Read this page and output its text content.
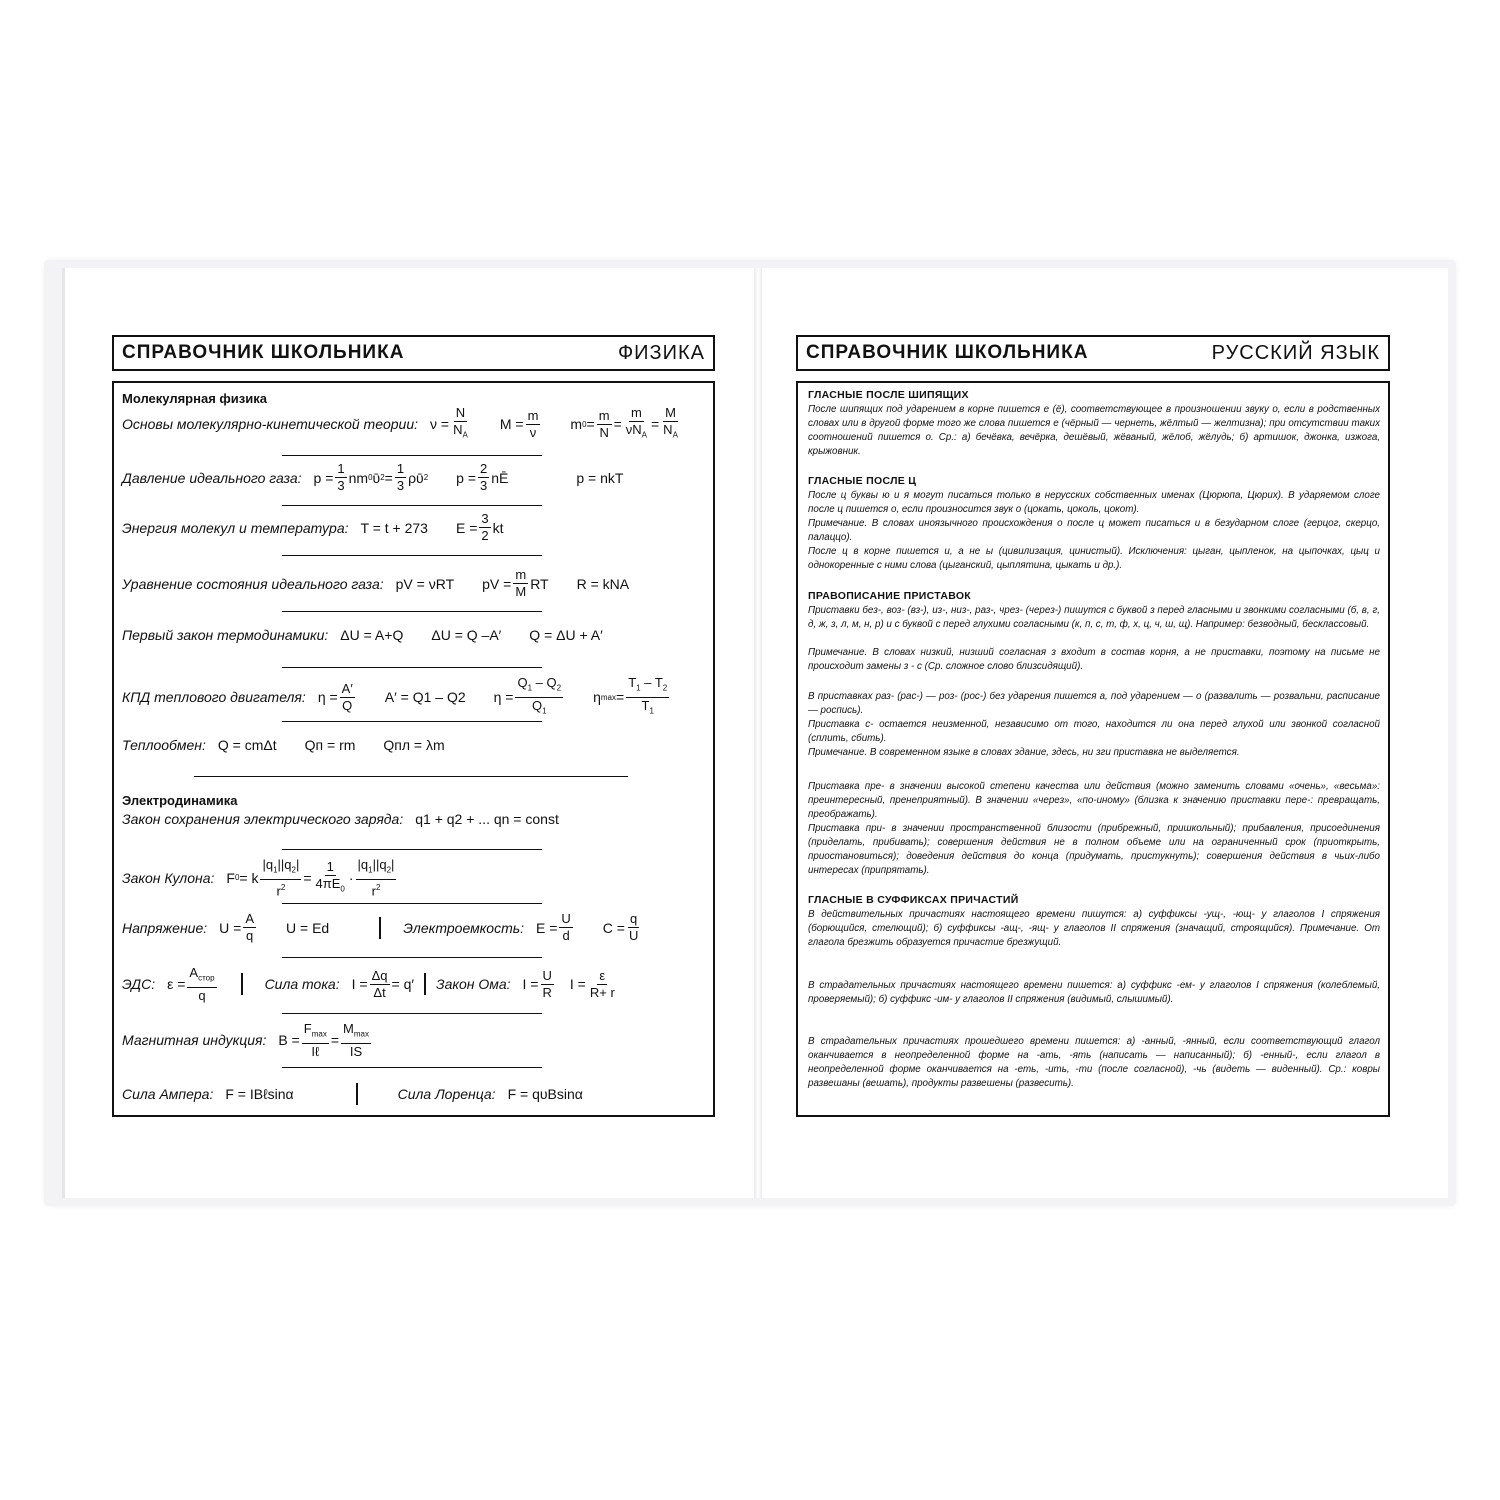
СПРАВОЧНИК ШКОЛЬНИКА	ФИЗИКА
Молекулярная физика
Основы молекулярно-кинетической теории: $\nu = \frac{N}{N_A}$ $M = \frac{m}{\nu}$ m $0 = \frac{m}{N} = \frac{m}{\nu N_A} = \frac{M}{N_A}$
Давление идеального газа: $p = \frac{1}{3}$ nm 0 ῡ $2 = \frac{1}{3}$ ρῡ 2 $p = \frac{2}{3}$ nĒ	p = nkT
Энергия молекул и температура: T = t + 273 $E = \frac{3}{2}$ kt
Уравнение состояния идеального газа: pV = νRT pV = $\frac{m}{M}$ RT R = kNA
Первый закон термодинамики: ΔU = A+Q ΔU = Q –A′ Q = ΔU + A′
КПД теплового двигателя: $\eta = \frac{A'}{Q} A' = Q1 - Q2$ $\eta = \frac{Q_1 - Q_2}{Q_1}$ η $\max = \frac{T_1 - T_2}{T_1}$
Теплообмен: Q = cmΔt Qп = rm Qпл = λm
Электродинамика
Закон сохранения электрического заряда: q1 + q2 + ... qn = const
Закон Кулона: F 0 = k $\frac{|q_1||q_2|}{r^2} = \frac{1}{4\pi E_0} \cdot \frac{|q_1||q_2|}{r^2}$
Напряжение: $U = \frac{A}{q}$ U = Ed	Электроемкость: $E = \frac{U}{d}$ $C = \frac{q}{U}$
ЭДС: $\varepsilon = \frac{A_{стор}}{q}$	Сила тока: $I = \frac{\Delta q}{\Delta t} = q'$ Закон Ома: $I = \frac{U}{R}$ $I = \frac{\varepsilon}{R+ r}$
Магнитная индукция: $B = \frac{F_{max}}{\text{Iℓ}} = \frac{M_{max}}{IS}$
Сила Ампера: F = IBℓsinα	Сила Лоренца: F = qυBsinα
СПРАВОЧНИК ШКОЛЬНИКА	РУССКИЙ ЯЗЫК
ГЛАСНЫЕ ПОСЛЕ ШИПЯЩИХ
После шипящих под ударением в корне пишется е (ё), соответствующее в произношении звуку о, если в родственных словах или в другой форме того же слова пишется е (чёрный — чернеть, жёлтый — желтизна); при отсутствии таких соотношений пишется о. Ср.: а) бечёвка, вечёрка, дешёвый, жёваный, жёлоб, жёлудь; б) артишок, джонка, изжога, крыжовник.
ГЛАСНЫЕ ПОСЛЕ Ц
После ц буквы ю и я могут писаться только в нерусских собственных именах (Цюрюпа, Цюрих). В ударяемом слоге после ц пишется о, если произносится звук о (цокать, цоколь, цокот).
Примечание. В словах иноязычного происхождения о после ц может писаться и в безударном слоге (герцог, скерцо, палаццо).
После ц в корне пишется и, а не ы (цивилизация, цинистый). Исключения: цыган, цыпленок, на цыпочках, цыц и однокоренные с ними слова (цыганский, цыплятина, цыкать и др.).
ПРАВОПИСАНИЕ ПРИСТАВОК
Приставки без-, воз- (вз-), из-, низ-, раз-, чрез- (через-) пишутся с буквой з перед гласными и звонкими согласными (б, в, г, д, ж, з, л, м, н, р) и с буквой с перед глухими согласными (к, п, с, т, ф, х, ц, ч, ш, щ). Например: безводный, бесклассовый.
Примечание. В словах низкий, низший согласная з входит в состав корня, а не приставки, поэтому на письме не происходит замены з - с (Ср. сложное слово близсидящий).
В приставках раз- (рас-) — роз- (рос-) без ударения пишется а, под ударением — о (развалить — розвальни, расписание — роспись).
Приставка с- остается неизменной, независимо от того, находится ли она перед глухой или звонкой согласной (сплить, сбить).
Примечание. В современном языке в словах здание, здесь, ни зги приставка не выделяется.
Приставка пре- в значении высокой степени качества или действия (можно заменить словами «очень», «весьма»: преинтересный, пренеприятный). В значении «через», «по-иному» (близка к значению приставки пере-: превращать, преображать).
Приставка при- в значении пространственной близости (прибрежный, пришкольный); прибавления, присоединения (приделать, прибивать); совершения действия не в полном объеме или на ограниченный срок (приоткрыть, приостановиться); доведения действия до конца (придумать, пристукнуть); совершения действия в чьих-либо интересах (припрятать).
ГЛАСНЫЕ В СУФФИКСАХ ПРИЧАСТИЙ
В действительных причастиях настоящего времени пишутся: а) суффиксы -ущ-, -ющ- у глаголов I спряжения (борющийся, стелющий); б) суффиксы -ащ-, -ящ- у глаголов II спряжения (значащий, строящийся). Примечание. От глагола брезжить образуется причастие брезжущий.
В страдательных причастиях настоящего времени пишется: а) суффикс -ем- у глаголов I спряжения (колеблемый, проверяемый); б) суффикс -им- у глаголов II спряжения (видимый, слышимый).
В страдательных причастиях прошедшего времени пишется: а) -анный, -янный, если соответствующий глагол оканчивается в неопределенной форме на -ать, -ять (написать — написанный); б) -енный-, если глагол в неопределенной форме оканчивается на -еть, -ить, -ти (после согласной), -чь (видеть — виденный). Ср.: ковры развешаны (вешать), продукты развешены (развесить).
